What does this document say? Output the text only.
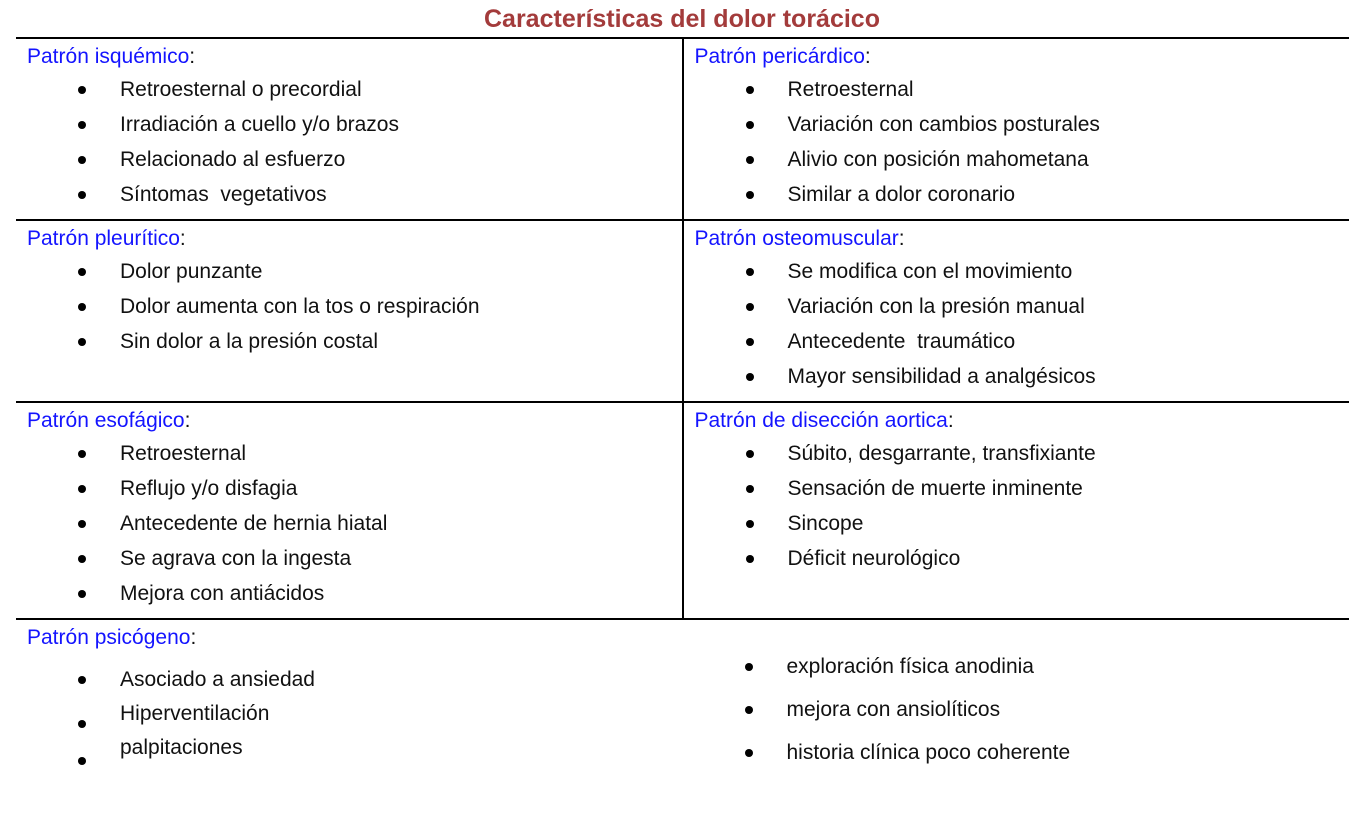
Características del dolor torácico
Patrón isquémico:
Retroesternal o precordial
Irradiación a cuello y/o brazos
Relacionado al esfuerzo
Síntomas  vegetativos
Patrón pericárdico:
Retroesternal
Variación con cambios posturales
Alivio con posición mahometana
Similar a dolor coronario
Patrón pleurítico:
Dolor punzante
Dolor aumenta con la tos o respiración
Sin dolor a la presión costal
Patrón osteomuscular:
Se modifica con el movimiento
Variación con la presión manual
Antecedente  traumático
Mayor sensibilidad a analgésicos
Patrón esofágico:
Retroesternal
Reflujo y/o disfagia
Antecedente de hernia hiatal
Se agrava con la ingesta
Mejora con antiácidos
Patrón de disección aortica:
Súbito, desgarrante, transfixiante
Sensación de muerte inminente
Sincope
Déficit neurológico
Patrón psicógeno:
Asociado a ansiedad
Hiperventilación
palpitaciones
exploración física anodinia
mejora con ansiolíticos
historia clínica poco coherente
